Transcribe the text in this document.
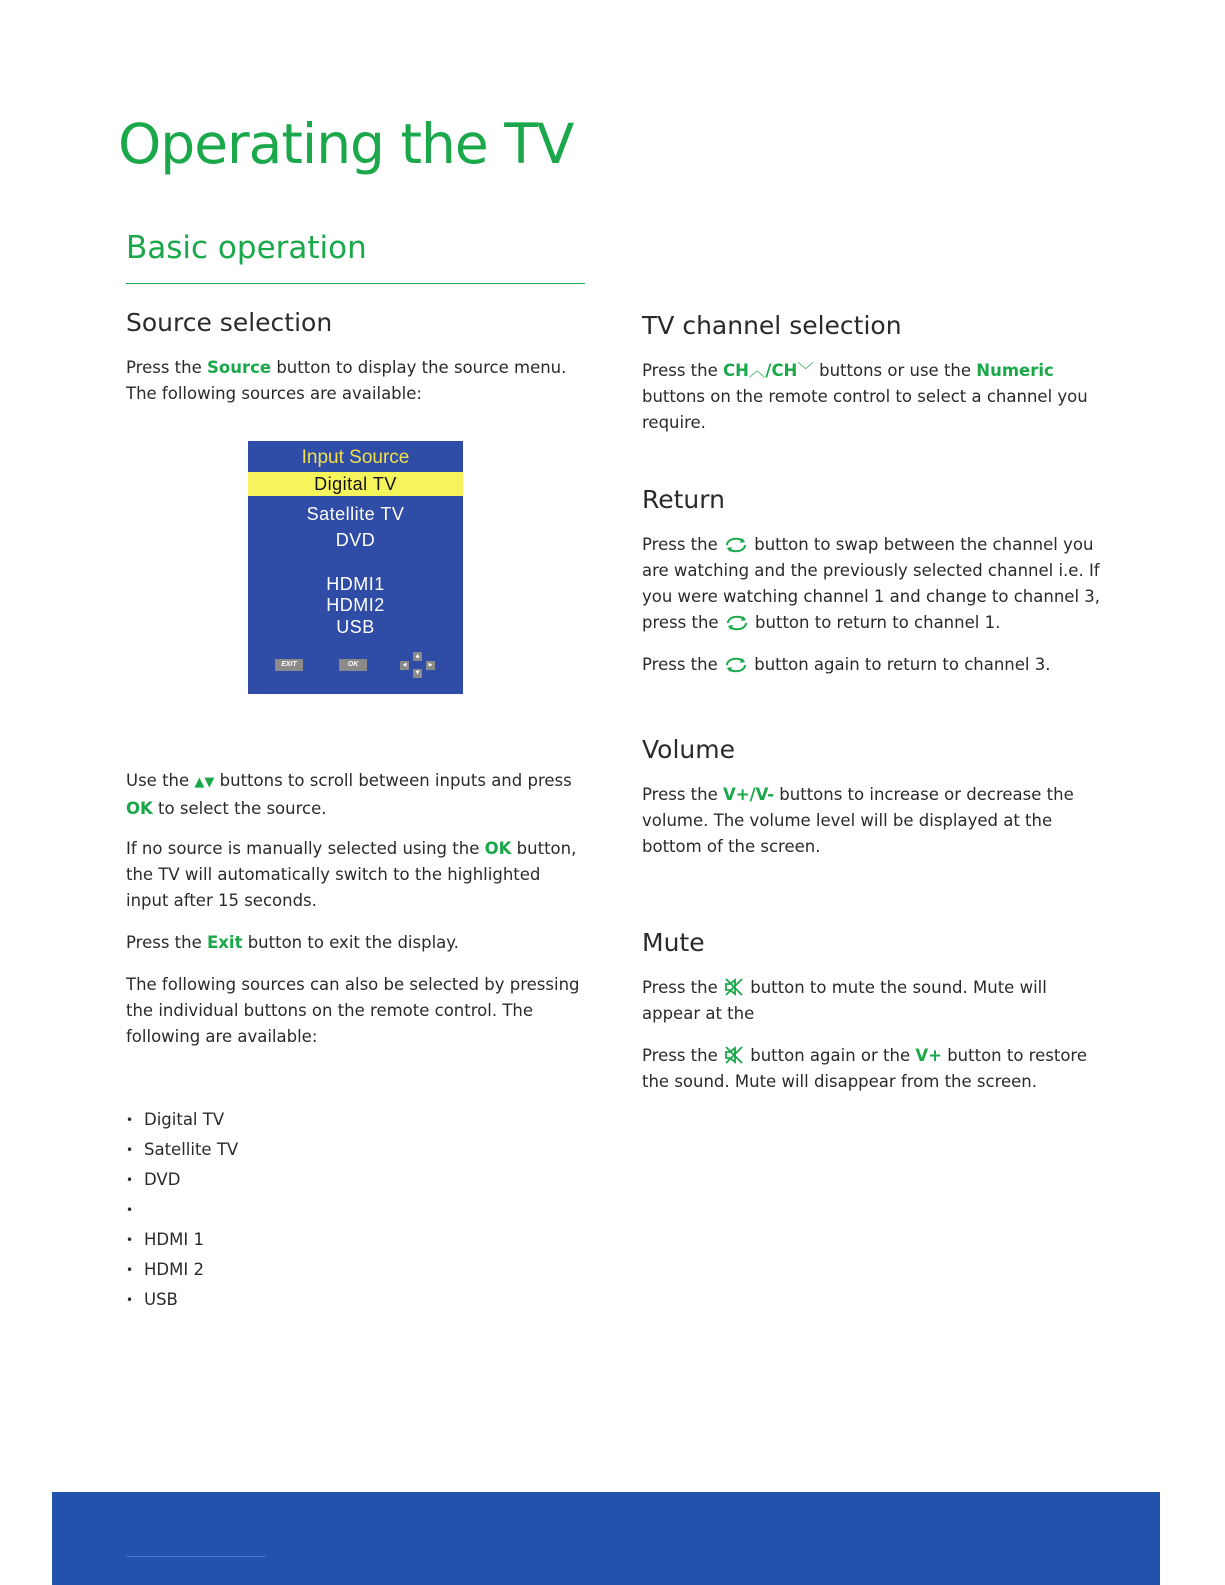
Operating the TV
Basic operation
Source selection

Press the Source button to display the source menu. The following sources are available:

Input Source
Digital TV
Satellite TV
DVD
HDMI1
HDMI2
USB
EXIT	OK
▲
◀	▶
▼

Use the ▲▼ buttons to scroll between inputs and press OK to select the source.

If no source is manually selected using the OK button, the TV will automatically switch to the highlighted input after 15 seconds.

Press the Exit button to exit the display.

The following sources can also be selected by pressing the individual buttons on the remote control. The following are available:

• Digital TV
• Satellite TV
• DVD
•
• HDMI 1
• HDMI 2
• USB
TV channel selection

Press the CH︿/CH﹀ buttons or use the Numeric buttons on the remote control to select a channel you require.

Return

Press the  button to swap between the channel you are watching and the previously selected channel i.e. If you were watching channel 1 and change to channel 3, press the  button to return to channel 1.

Press the  button again to return to channel 3.

Volume

Press the V+/V- buttons to increase or decrease the volume. The volume level will be displayed at the bottom of the screen.

Mute

Press the  button to mute the sound. Mute will appear at the

Press the  button again or the V+ button to restore the sound. Mute will disappear from the screen.
